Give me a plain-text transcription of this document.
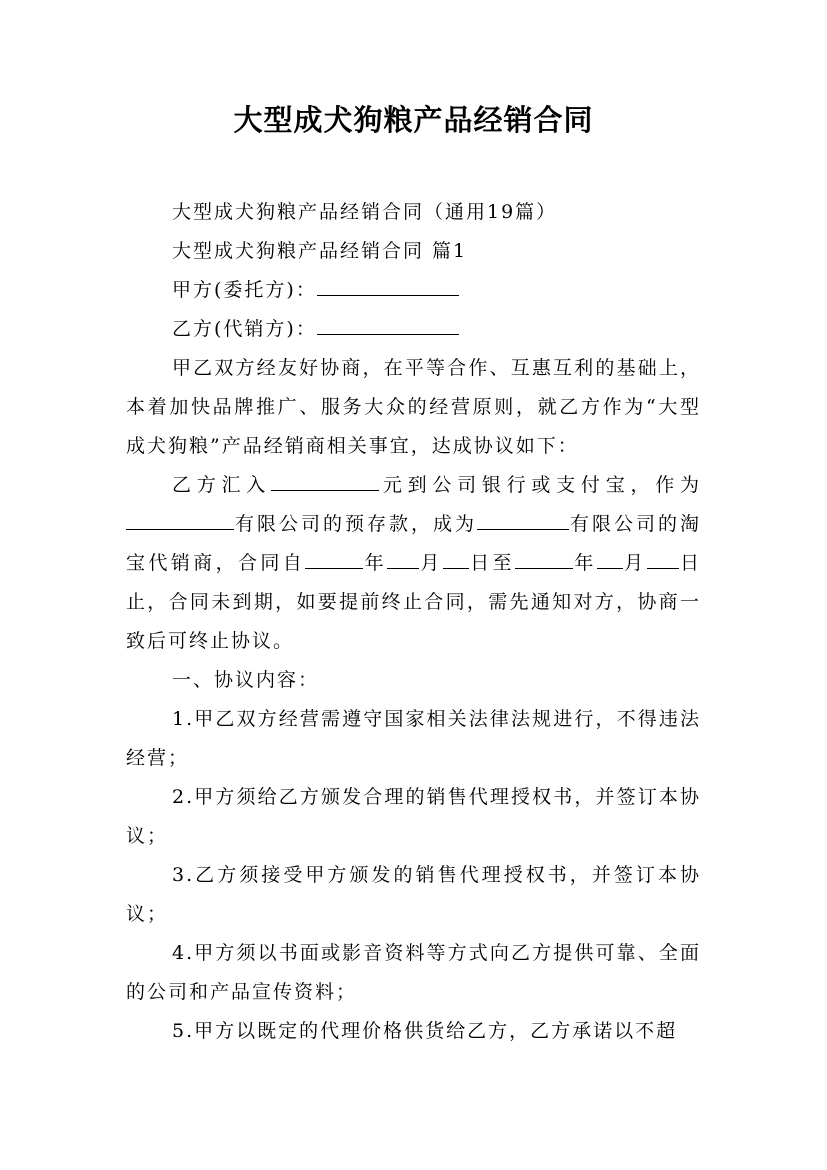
大型成犬狗粮产品经销合同

大型成犬狗粮产品经销合同（通用19篇）

大型成犬狗粮产品经销合同 篇1

甲方(委托方)：

乙方(代销方)：

甲乙双方经友好协商，在平等合作、互惠互利的基础上，本着加快品牌推广、服务大众的经营原则，就乙方作为“大型成犬狗粮”产品经销商相关事宜，达成协议如下：

乙方汇入	元到公司银行或支付宝，作为有限公司的预存款，成为	有限公司的淘宝代销商，合同自	年 月 日至	年 月 日止，合同未到期，如要提前终止合同，需先通知对方，协商一致后可终止协议。

一、协议内容：

1.甲乙双方经营需遵守国家相关法律法规进行，不得违法经营；

2.甲方须给乙方颁发合理的销售代理授权书，并签订本协议；

3.乙方须接受甲方颁发的销售代理授权书，并签订本协议；

4.甲方须以书面或影音资料等方式向乙方提供可靠、全面的公司和产品宣传资料；

5.甲方以既定的代理价格供货给乙方，乙方承诺以不超
